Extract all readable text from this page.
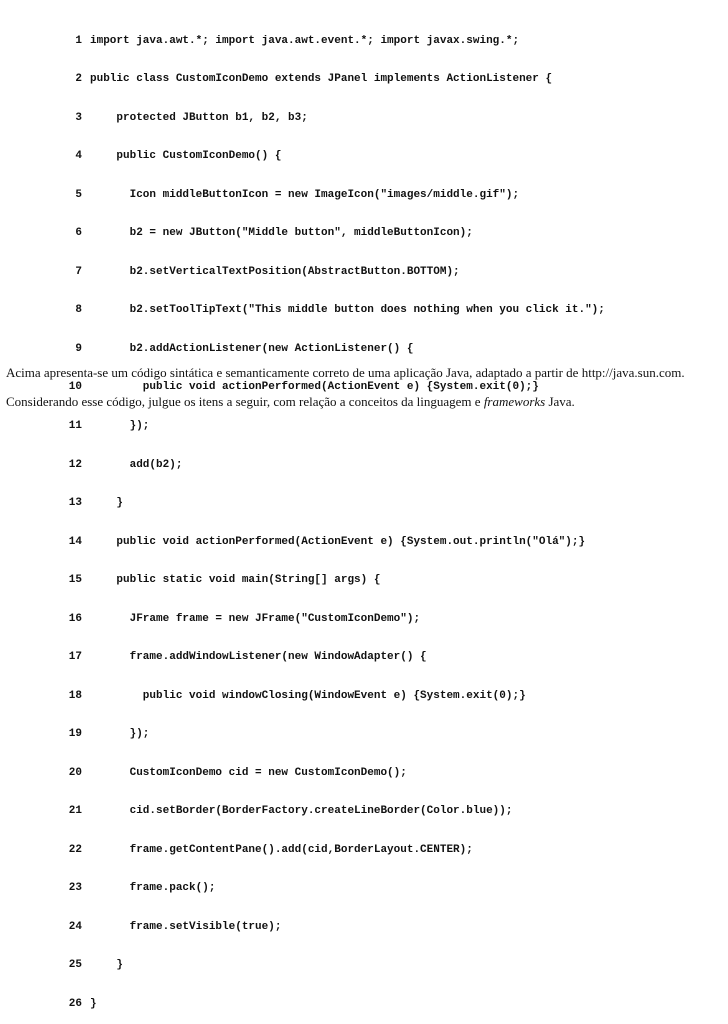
1 import java.awt.*; import java.awt.event.*; import javax.swing.*;

2 public class CustomIconDemo extends JPanel implements ActionListener {

3 protected JButton b1, b2, b3;

4 public CustomIconDemo() {

5 Icon middleButtonIcon = new ImageIcon("images/middle.gif");

6 b2 = new JButton("Middle button", middleButtonIcon);

7 b2.setVerticalTextPosition(AbstractButton.BOTTOM);

8 b2.setToolTipText("This middle button does nothing when you click it.");

9 b2.addActionListener(new ActionListener() {

10 public void actionPerformed(ActionEvent e) {System.exit(0);}

11 });

12 add(b2);

13 }

14 public void actionPerformed(ActionEvent e) {System.out.println("Olá");}

15 public static void main(String[] args) {

16 JFrame frame = new JFrame("CustomIconDemo");

17 frame.addWindowListener(new WindowAdapter() {

18 public void windowClosing(WindowEvent e) {System.exit(0);}

19 });

20 CustomIconDemo cid = new CustomIconDemo();

21 cid.setBorder(BorderFactory.createLineBorder(Color.blue));

22 frame.getContentPane().add(cid,BorderLayout.CENTER);

23 frame.pack();

24 frame.setVisible(true);

25 }

26 }

Acima apresenta-se um código sintática e semanticamente correto de uma aplicação Java, adaptado a partir de http://java.sun.com.
Considerando esse código, julgue os itens a seguir, com relação a conceitos da linguagem e frameworks Java.
